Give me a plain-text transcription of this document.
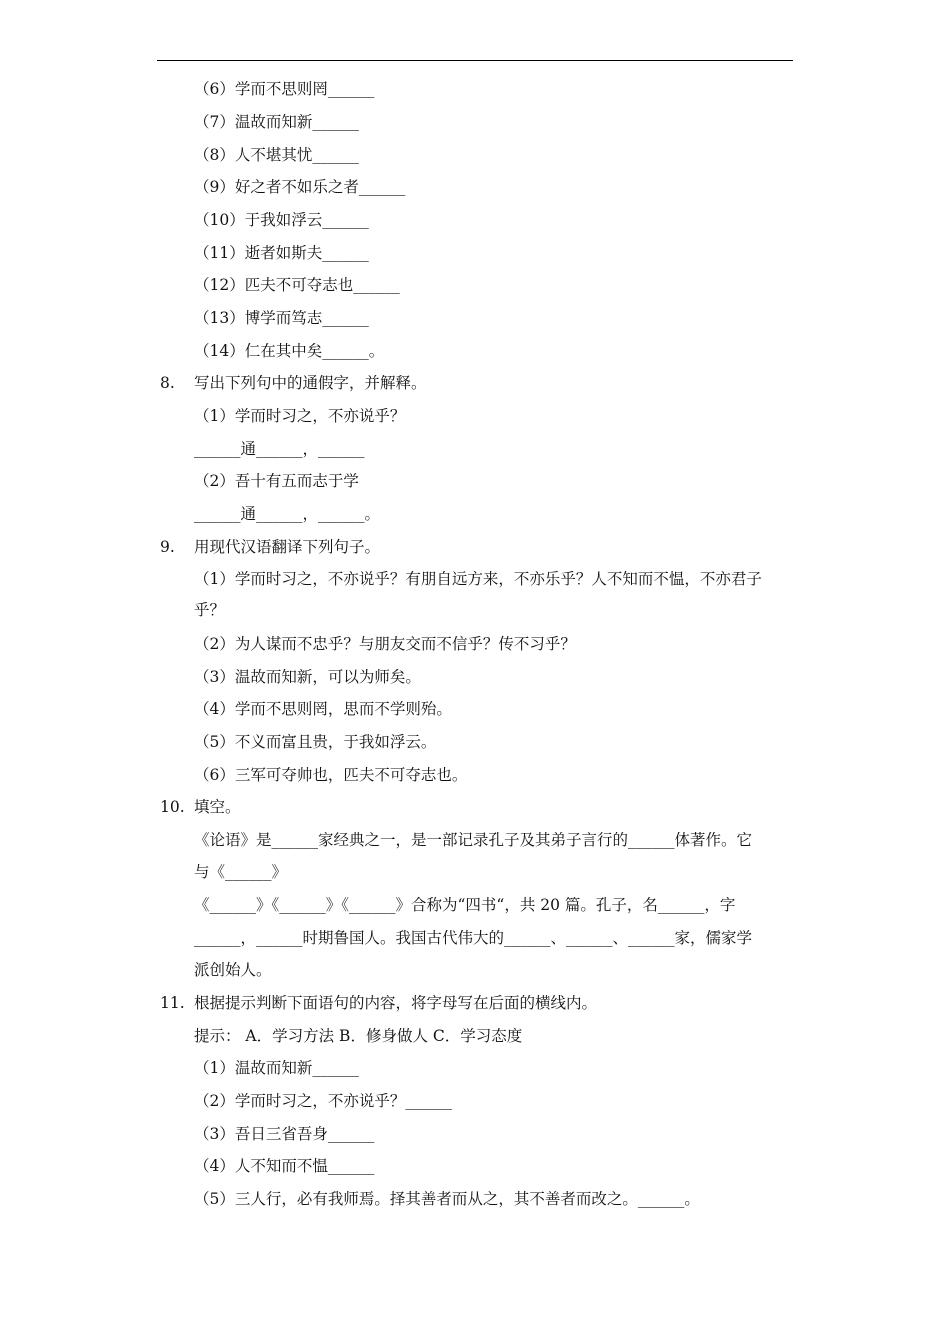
（6）学而不思则罔______
（7）温故而知新______
（8）人不堪其忧______
（9）好之者不如乐之者______
（10）于我如浮云______
（11）逝者如斯夫______
（12）匹夫不可夺志也______
（13）博学而笃志______
（14）仁在其中矣______。
8. 写出下列句中的通假字，并解释。
（1）学而时习之，不亦说乎？
______通______，______
（2）吾十有五而志于学
______通______，______。
9. 用现代汉语翻译下列句子。
（1）学而时习之，不亦说乎？有朋自远方来，不亦乐乎？人不知而不愠，不亦君子
乎？
（2）为人谋而不忠乎？与朋友交而不信乎？传不习乎？
（3）温故而知新，可以为师矣。
（4）学而不思则罔，思而不学则殆。
（5）不义而富且贵，于我如浮云。
（6）三军可夺帅也，匹夫不可夺志也。
10. 填空。
《论语》是______家经典之一，是一部记录孔子及其弟子言行的______体著作。它
与《______》
《______》《______》《______》合称为“四书“，共 20 篇。孔子，名______，字
______，______时期鲁国人。我国古代伟大的______、______、______家，儒家学
派创始人。
11. 根据提示判断下面语句的内容，将字母写在后面的横线内。
提示： A．学习方法 B．修身做人 C．学习态度
（1）温故而知新______
（2）学而时习之，不亦说乎？______
（3）吾日三省吾身______
（4）人不知而不愠______
（5）三人行，必有我师焉。择其善者而从之，其不善者而改之。______。
